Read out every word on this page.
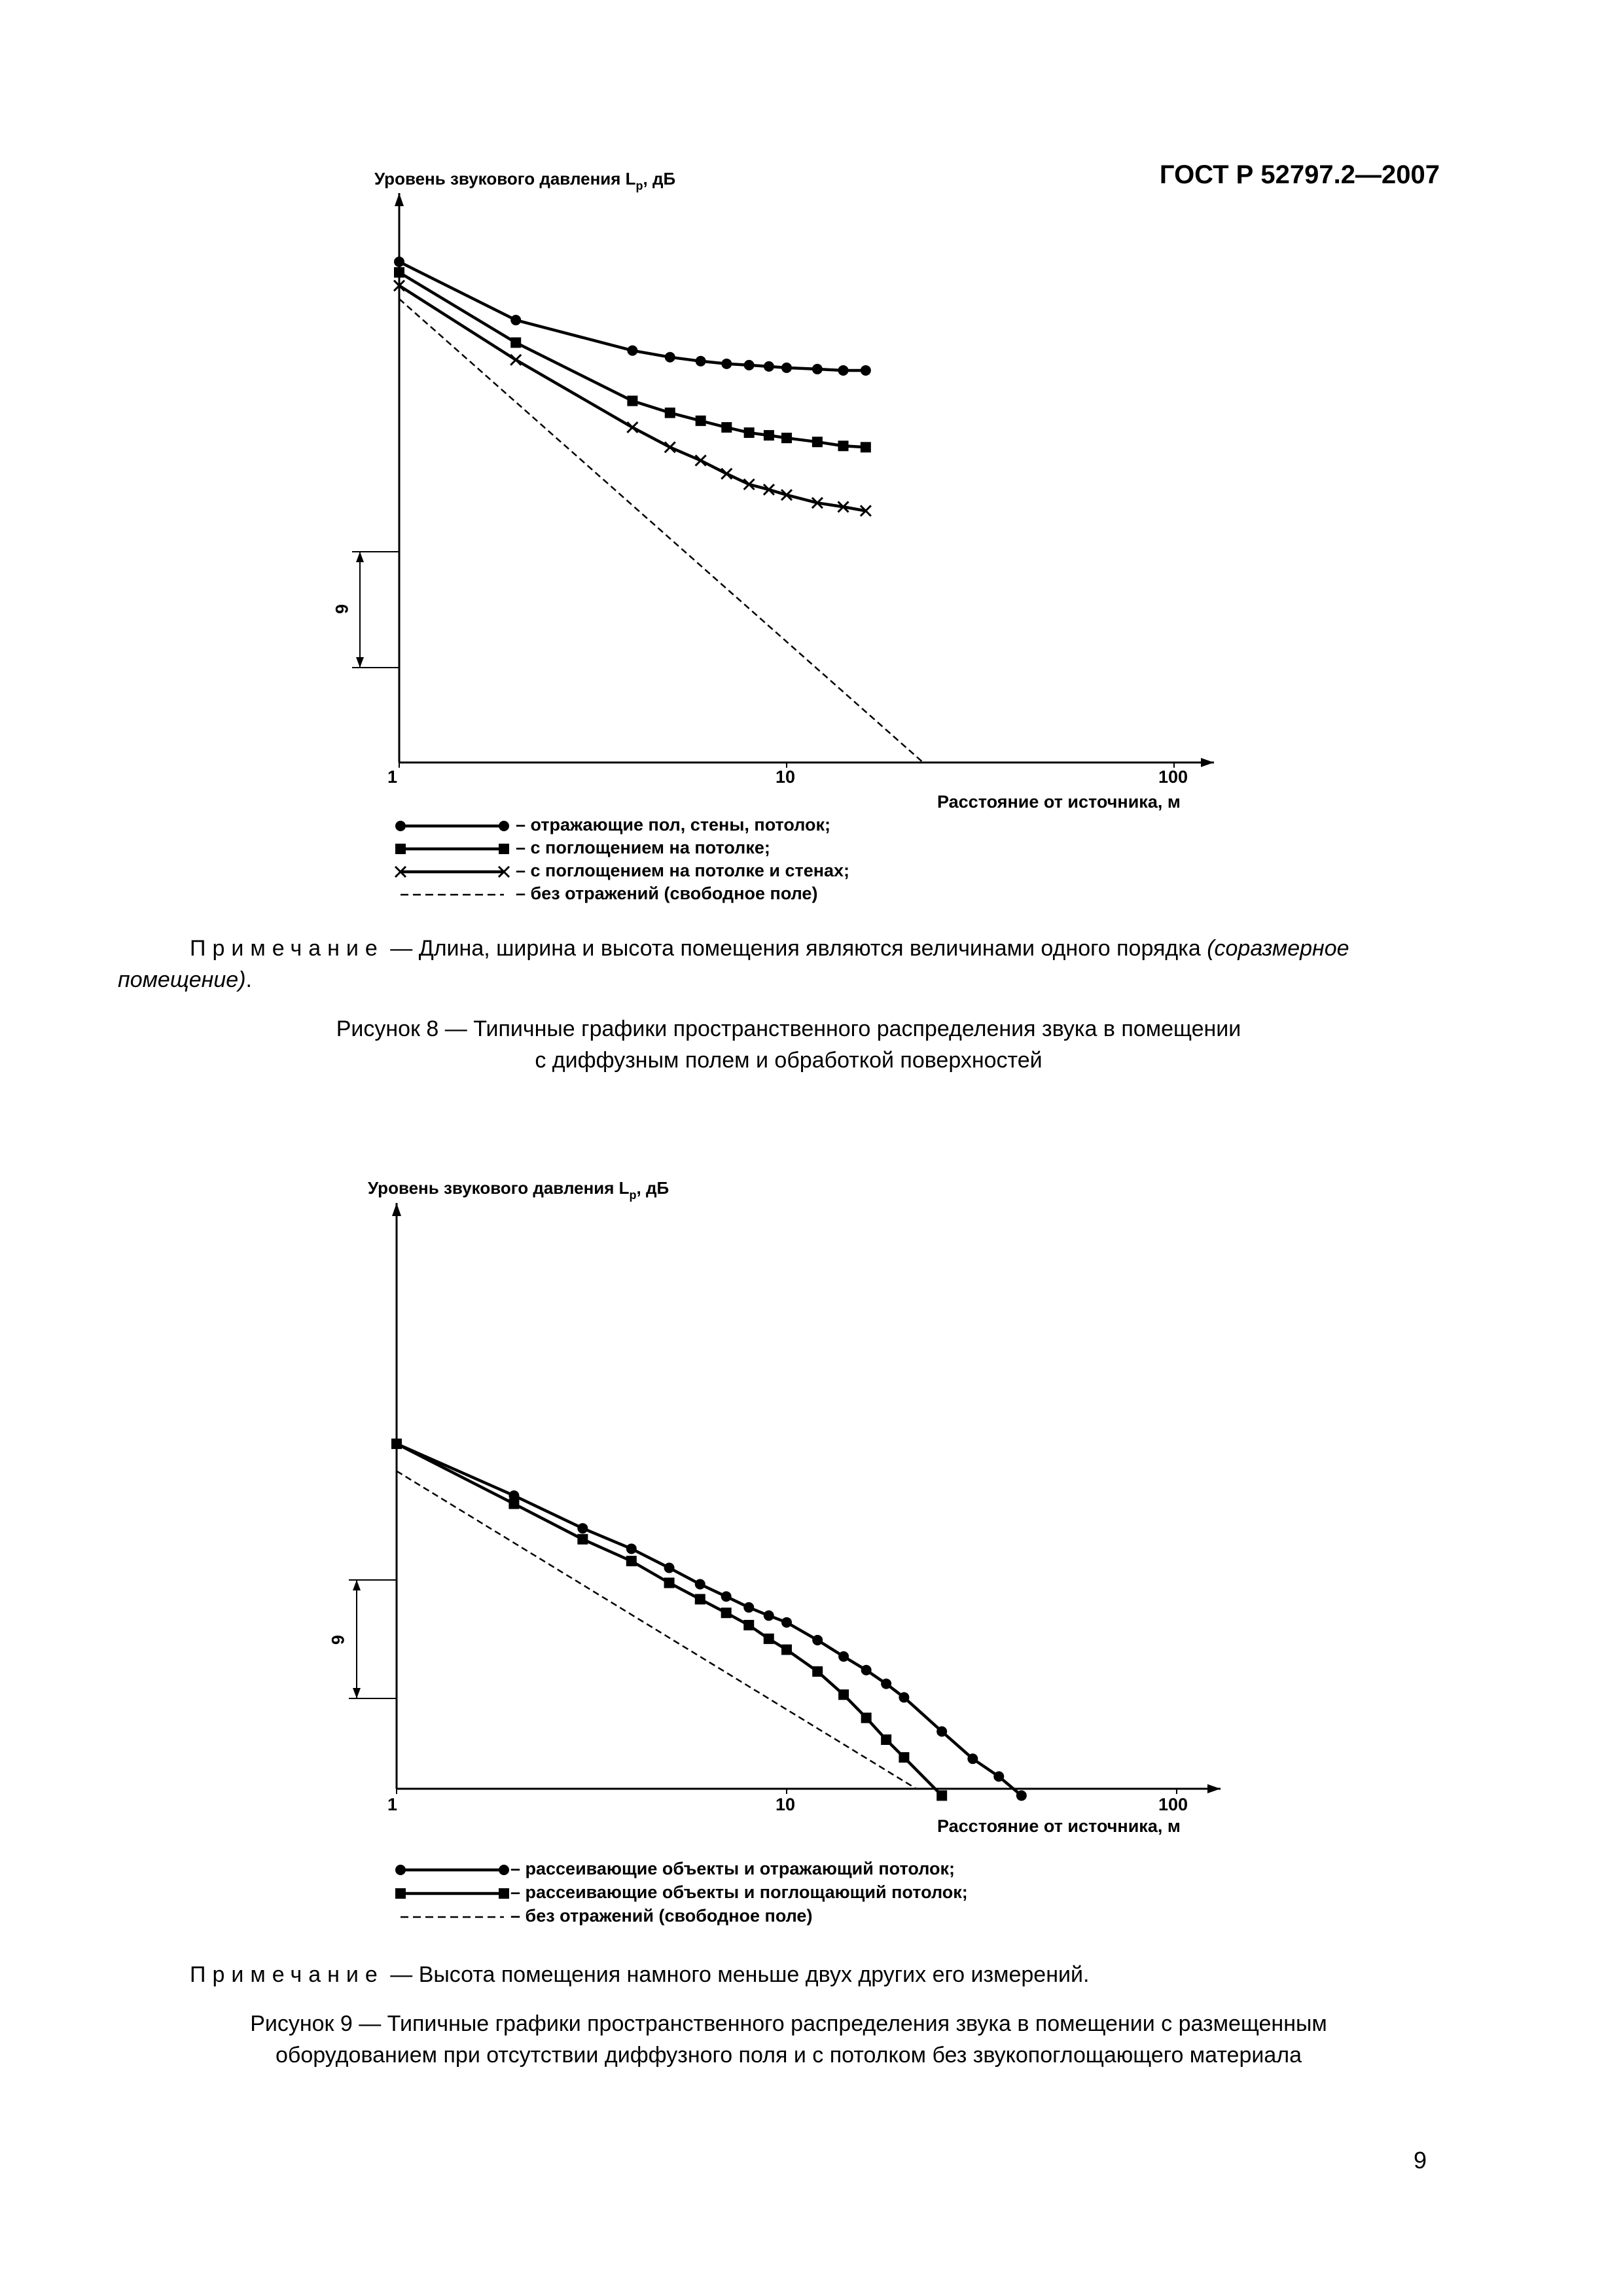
ГОСТ Р 52797.2—2007
Уровень звукового давления $L_p$, дБ
1	10	100
Расстояние от источника, м
6
– отражающие пол, стены, потолок;
– с поглощением на потолке;
– с поглощением на потолке и стенах;
– без отражений (свободное поле)
Примечание — Длина, ширина и высота помещения являются величинами одного порядка (соразмерное помещение).
Рисунок 8 — Типичные графики пространственного распределения звука в помещении
с диффузным полем и обработкой поверхностей
Уровень звукового давления $L_p$, дБ
1	10	100
Расстояние от источника, м
6
– рассеивающие объекты и отражающий потолок;
– рассеивающие объекты и поглощающий потолок;
– без отражений (свободное поле)
Примечание — Высота помещения намного меньше двух других его измерений.
Рисунок 9 — Типичные графики пространственного распределения звука в помещении с размещенным
оборудованием при отсутствии диффузного поля и с потолком без звукопоглощающего материала
9
